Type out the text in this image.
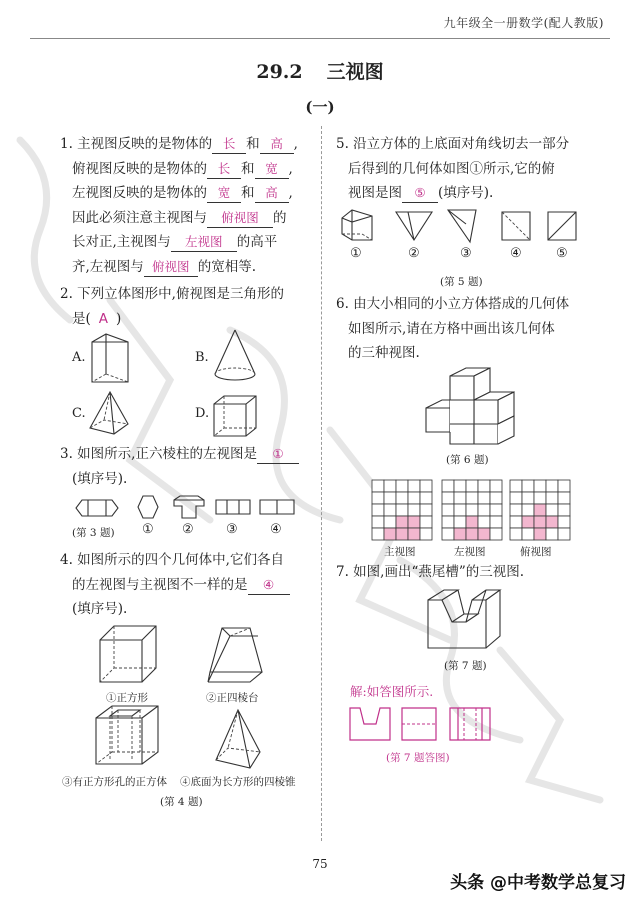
九年级全一册数学(配人教版)
29.2 三视图
(一)
1. 主视图反映的是物体的 长 和 高 ,
俯视图反映的是物体的 长 和 宽 ,
左视图反映的是物体的 宽 和 高 ,
因此必须注意主视图与 俯视图 的
长对正,主视图与 左视图 的高平
齐,左视图与 俯视图 的宽相等.
2. 下列立体图形中,俯视图是三角形的
是( A )
A.	B.
C.	D.
3. 如图所示,正六棱柱的左视图是 ①
(填序号).
(第 3 题) ① ② ③ ④
4. 如图所示的四个几何体中,它们各自
的左视图与主视图不一样的是 ④
(填序号).
①正方形	②正四棱台
③有正方形孔的正方体 ④底面为长方形的四棱锥
(第 4 题)
5. 沿立方体的上底面对角线切去一部分
后得到的几何体如图①所示,它的俯
视图是图 ⑤ (填序号).
①	②	③	④	⑤
(第 5 题)
6. 由大小相同的小立方体搭成的几何体
如图所示,请在方格中画出该几何体
的三种视图.
(第 6 题)
主视图	左视图	俯视图
7. 如图,画出“燕尾槽”的三视图.
(第 7 题)
解:如答图所示.
(第 7 题答图)
75
头条 @中考数学总复习
